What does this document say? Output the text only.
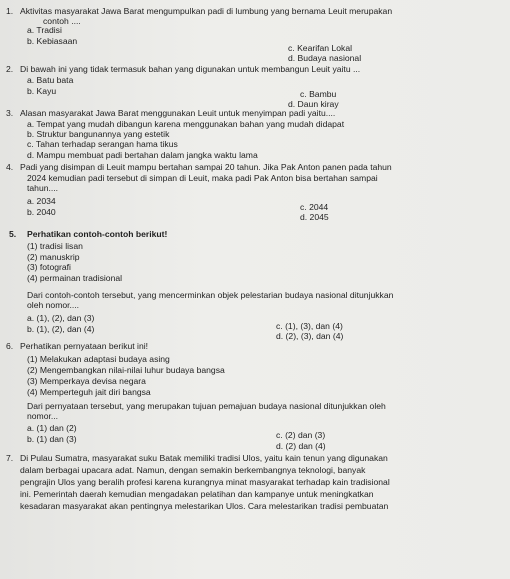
1. Aktivitas masyarakat Jawa Barat mengumpulkan padi di lumbung yang bernama Leuit merupakan
contoh ....
a. Tradisi
b. Kebiasaan
c. Kearifan Lokal
d. Budaya nasional
2. Di bawah ini yang tidak termasuk bahan yang digunakan untuk membangun Leuit yaitu ...
a. Batu bata
b. Kayu	c. Bambu
d. Daun kiray
3. Alasan masyarakat Jawa Barat menggunakan Leuit untuk menyimpan padi yaitu....
a. Tempat yang mudah dibangun karena menggunakan bahan yang mudah didapat
b. Struktur bangunannya yang estetik
c. Tahan terhadap serangan hama tikus
d. Mampu membuat padi bertahan dalam jangka waktu lama
4. Padi yang disimpan di Leuit mampu bertahan sampai 20 tahun. Jika Pak Anton panen pada tahun
2024 kemudian padi tersebut di simpan di Leuit, maka padi Pak Anton bisa bertahan sampai
tahun....
a. 2034
b. 2040	c. 2044
d. 2045
5. Perhatikan contoh-contoh berikut!
(1) tradisi lisan
(2) manuskrip
(3) fotografi
(4) permainan tradisional
Dari contoh-contoh tersebut, yang mencerminkan objek pelestarian budaya nasional ditunjukkan
oleh nomor....
a. (1), (2), dan (3)
b. (1), (2), dan (4)	c. (1), (3), dan (4)
d. (2), (3), dan (4)
6. Perhatikan pernyataan berikut ini!
(1) Melakukan adaptasi budaya asing
(2) Mengembangkan nilai-nilai luhur budaya bangsa
(3) Memperkaya devisa negara
(4) Memperteguh jait diri bangsa
Dari pernyataan tersebut, yang merupakan tujuan pemajuan budaya nasional ditunjukkan oleh
nomor...
a. (1) dan (2)
b. (1) dan (3)	c. (2) dan (3)
d. (2) dan (4)
7. Di Pulau Sumatra, masyarakat suku Batak memiliki tradisi Ulos, yaitu kain tenun yang digunakan
dalam berbagai upacara adat. Namun, dengan semakin berkembangnya teknologi, banyak
pengrajin Ulos yang beralih profesi karena kurangnya minat masyarakat terhadap kain tradisional
ini. Pemerintah daerah kemudian mengadakan pelatihan dan kampanye untuk meningkatkan
kesadaran masyarakat akan pentingnya melestarikan Ulos. Cara melestarikan tradisi pembuatan
